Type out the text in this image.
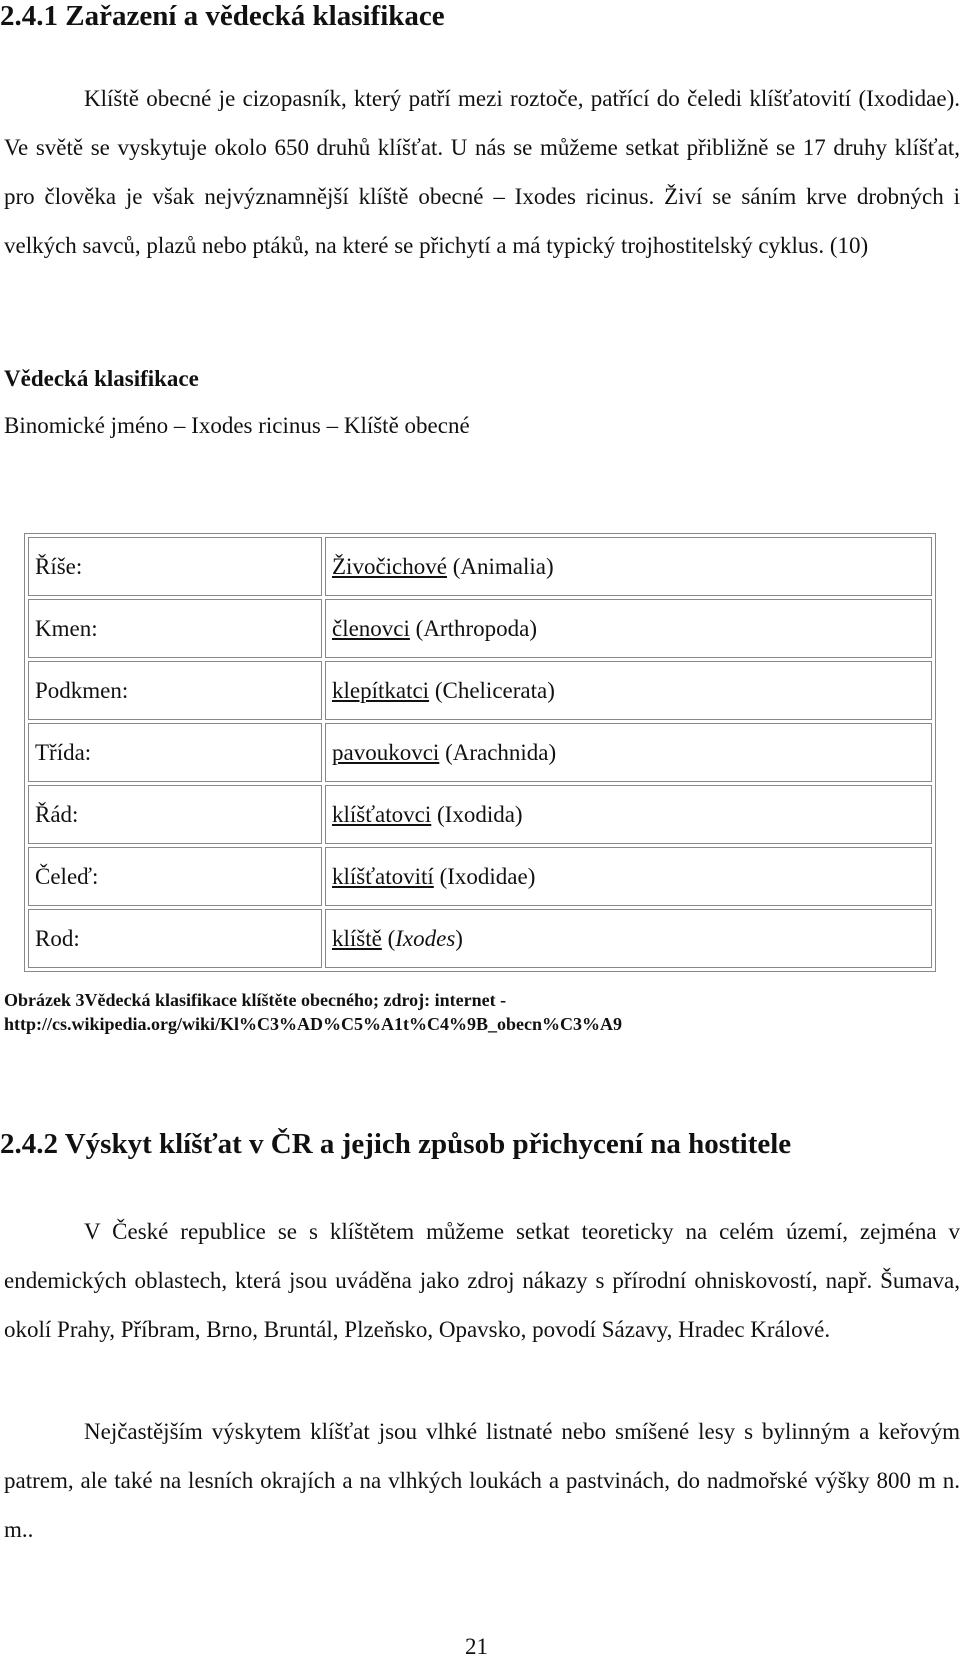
2.4.1 Zařazení a vědecká klasifikace

Klíště obecné je cizopasník, který patří mezi roztoče, patřící do čeledi klíšťatovití (Ixodidae). Ve světě se vyskytuje okolo 650 druhů klíšťat. U nás se můžeme setkat přibližně se 17 druhy klíšťat, pro člověka je však nejvýznamnější klíště obecné – Ixodes ricinus. Živí se sáním krve drobných i velkých savců, plazů nebo ptáků, na které se přichytí a má typický trojhostitelský cyklus. (10)

Vědecká klasifikace
Binomické jméno – Ixodes ricinus – Klíště obecné
Říše:	Živočichové (Animalia)
Kmen:	členovci (Arthropoda)
Podkmen:	klepítkatci (Chelicerata)
Třída:	pavoukovci (Arachnida)
Řád:	klíšťatovci (Ixodida)
Čeleď:	klíšťatovití (Ixodidae)
Rod:	klíště (Ixodes)
Obrázek 3Vědecká klasifikace klíštěte obecného; zdroj: internet -
http://cs.wikipedia.org/wiki/Kl%C3%AD%C5%A1t%C4%9B_obecn%C3%A9
2.4.2 Výskyt klíšťat v ČR a jejich způsob přichycení na hostitele

V České republice se s klíštětem můžeme setkat teoreticky na celém území, zejména v endemických oblastech, která jsou uváděna jako zdroj nákazy s přírodní ohniskovostí, např. Šumava, okolí Prahy, Příbram, Brno, Bruntál, Plzeňsko, Opavsko, povodí Sázavy, Hradec Králové.

Nejčastějším výskytem klíšťat jsou vlhké listnaté nebo smíšené lesy s bylinným a keřovým patrem, ale také na lesních okrajích a na vlhkých loukách a pastvinách, do nadmořské výšky 800 m n. m..

21
